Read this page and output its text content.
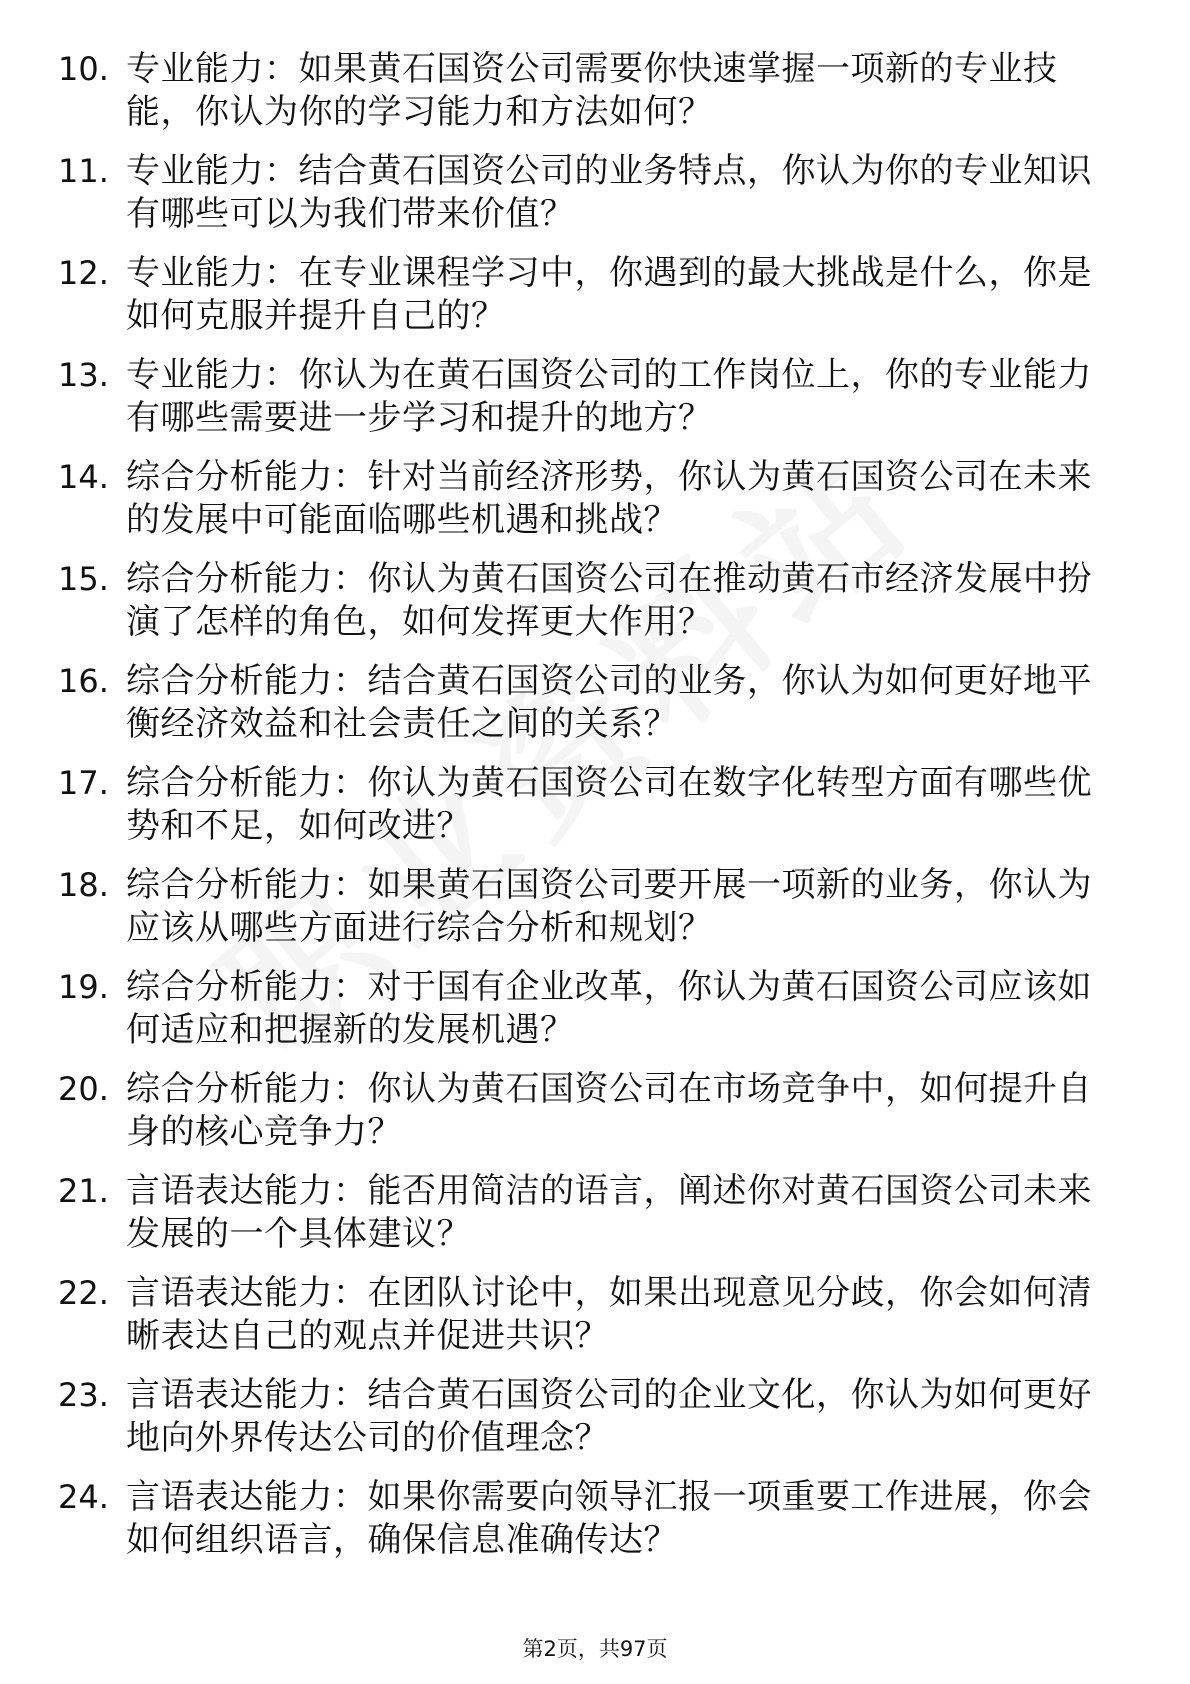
10. 专业能力：如果黄石国资公司需要你快速掌握一项新的专业技能，你认为你的学习能力和方法如何？
11. 专业能力：结合黄石国资公司的业务特点，你认为你的专业知识有哪些可以为我们带来价值？
12. 专业能力：在专业课程学习中，你遇到的最大挑战是什么，你是如何克服并提升自己的？
13. 专业能力：你认为在黄石国资公司的工作岗位上，你的专业能力有哪些需要进一步学习和提升的地方？
14. 综合分析能力：针对当前经济形势，你认为黄石国资公司在未来的发展中可能面临哪些机遇和挑战？
15. 综合分析能力：你认为黄石国资公司在推动黄石市经济发展中扮演了怎样的角色，如何发挥更大作用？
16. 综合分析能力：结合黄石国资公司的业务，你认为如何更好地平衡经济效益和社会责任之间的关系？
17. 综合分析能力：你认为黄石国资公司在数字化转型方面有哪些优势和不足，如何改进？
18. 综合分析能力：如果黄石国资公司要开展一项新的业务，你认为应该从哪些方面进行综合分析和规划？
19. 综合分析能力：对于国有企业改革，你认为黄石国资公司应该如何适应和把握新的发展机遇？
20. 综合分析能力：你认为黄石国资公司在市场竞争中，如何提升自身的核心竞争力？
21. 言语表达能力：能否用简洁的语言，阐述你对黄石国资公司未来发展的一个具体建议？
22. 言语表达能力：在团队讨论中，如果出现意见分歧，你会如何清晰表达自己的观点并促进共识？
23. 言语表达能力：结合黄石国资公司的企业文化，你认为如何更好地向外界传达公司的价值理念？
24. 言语表达能力：如果你需要向领导汇报一项重要工作进展，你会如何组织语言，确保信息准确传达？
第2页，共97页
